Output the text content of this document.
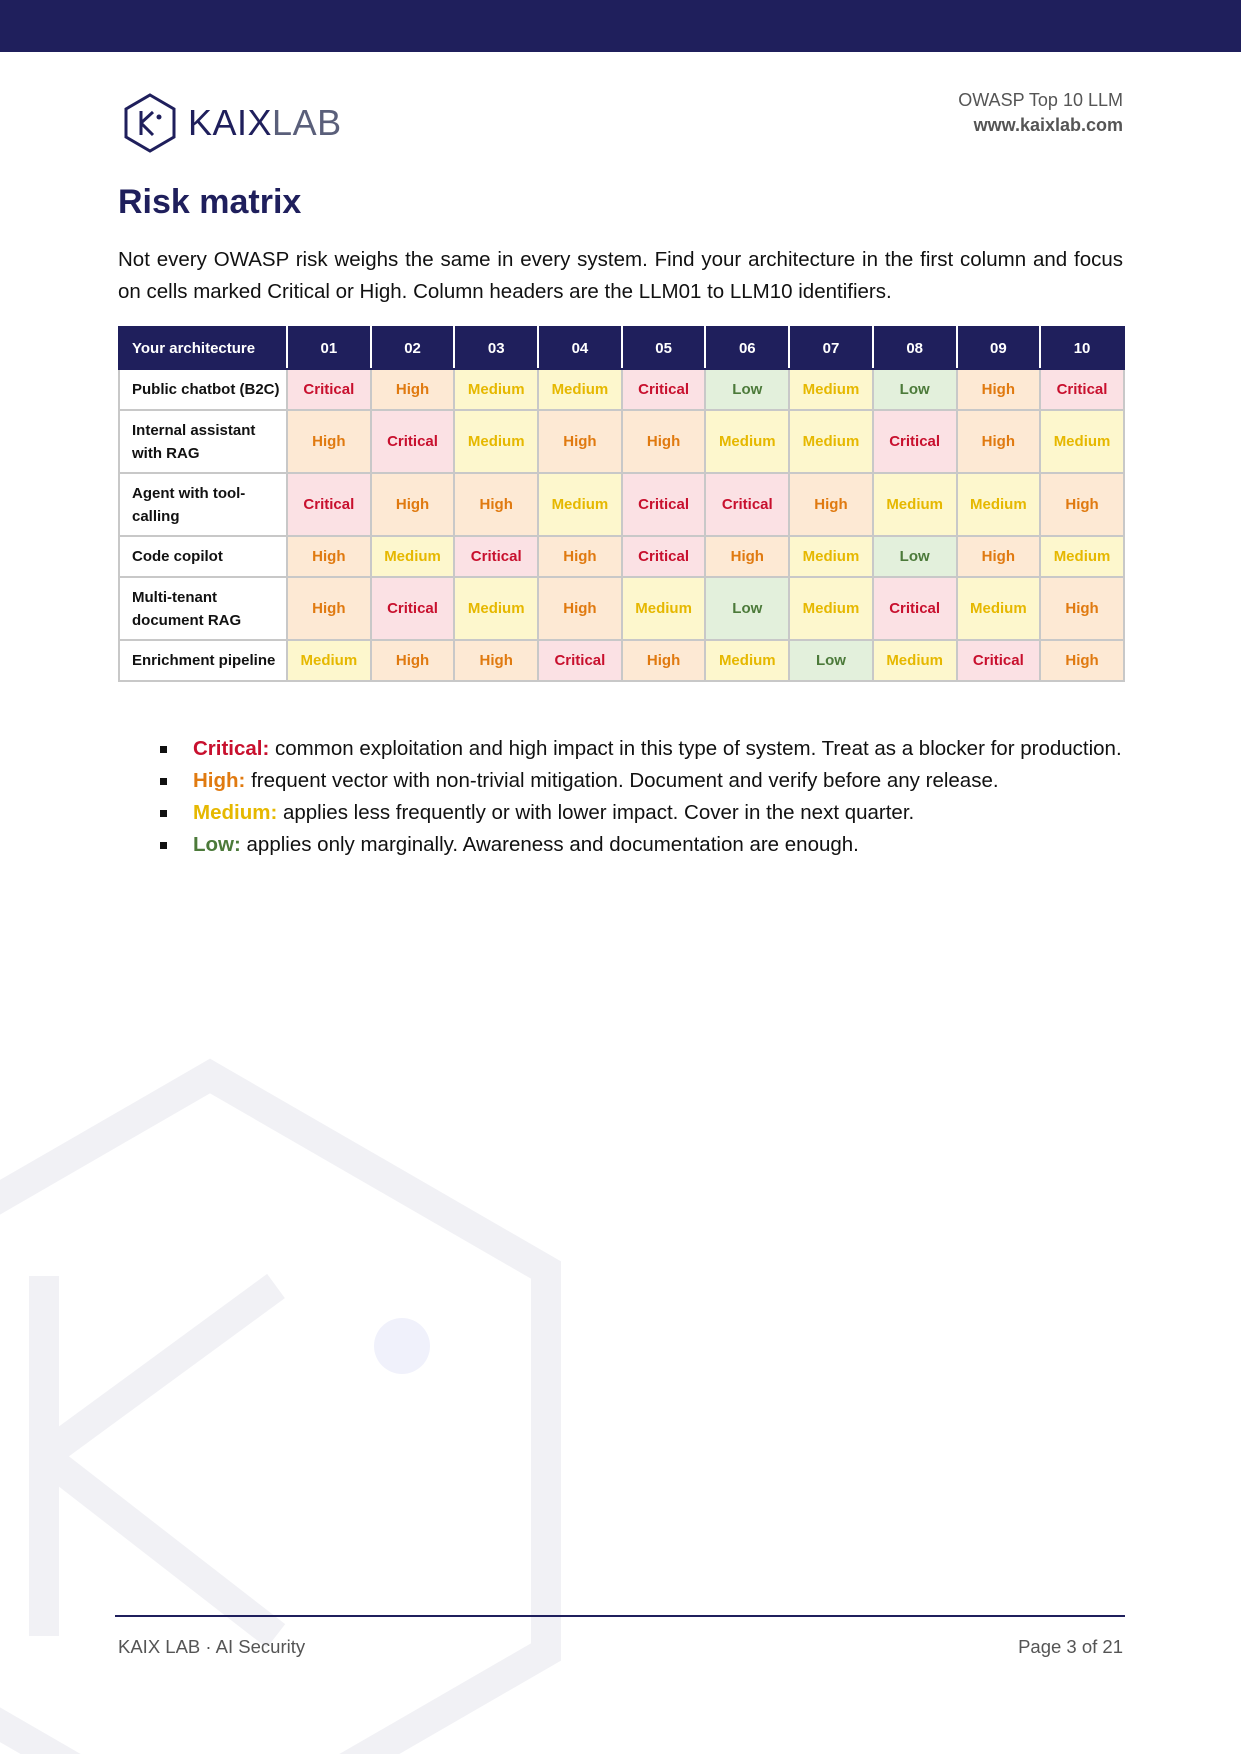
KAIXLAB
OWASP Top 10 LLM
www.kaixlab.com
Risk matrix

Not every OWASP risk weighs the same in every system. Find your architecture in the first column and focus on cells marked Critical or High. Column headers are the LLM01 to LLM10 identifiers.

Your architecture	01	02	03	04	05	06	07	08	09	10
Public chatbot (B2C)	Critical	High	Medium	Medium	Critical	Low	Medium	Low	High	Critical
Internal assistant with RAG	High	Critical	Medium	High	High	Medium	Medium	Critical	High	Medium
Agent with tool-calling	Critical	High	High	Medium	Critical	Critical	High	Medium	Medium	High
Code copilot	High	Medium	Critical	High	Critical	High	Medium	Low	High	Medium
Multi-tenant document RAG	High	Critical	Medium	High	Medium	Low	Medium	Critical	Medium	High
Enrichment pipeline	Medium	High	High	Critical	High	Medium	Low	Medium	Critical	High
Critical: common exploitation and high impact in this type of system. Treat as a blocker for production.
High: frequent vector with non-trivial mitigation. Document and verify before any release.
Medium: applies less frequently or with lower impact. Cover in the next quarter.
Low: applies only marginally. Awareness and documentation are enough.
KAIX LAB · AI Security	Page 3 of 21
